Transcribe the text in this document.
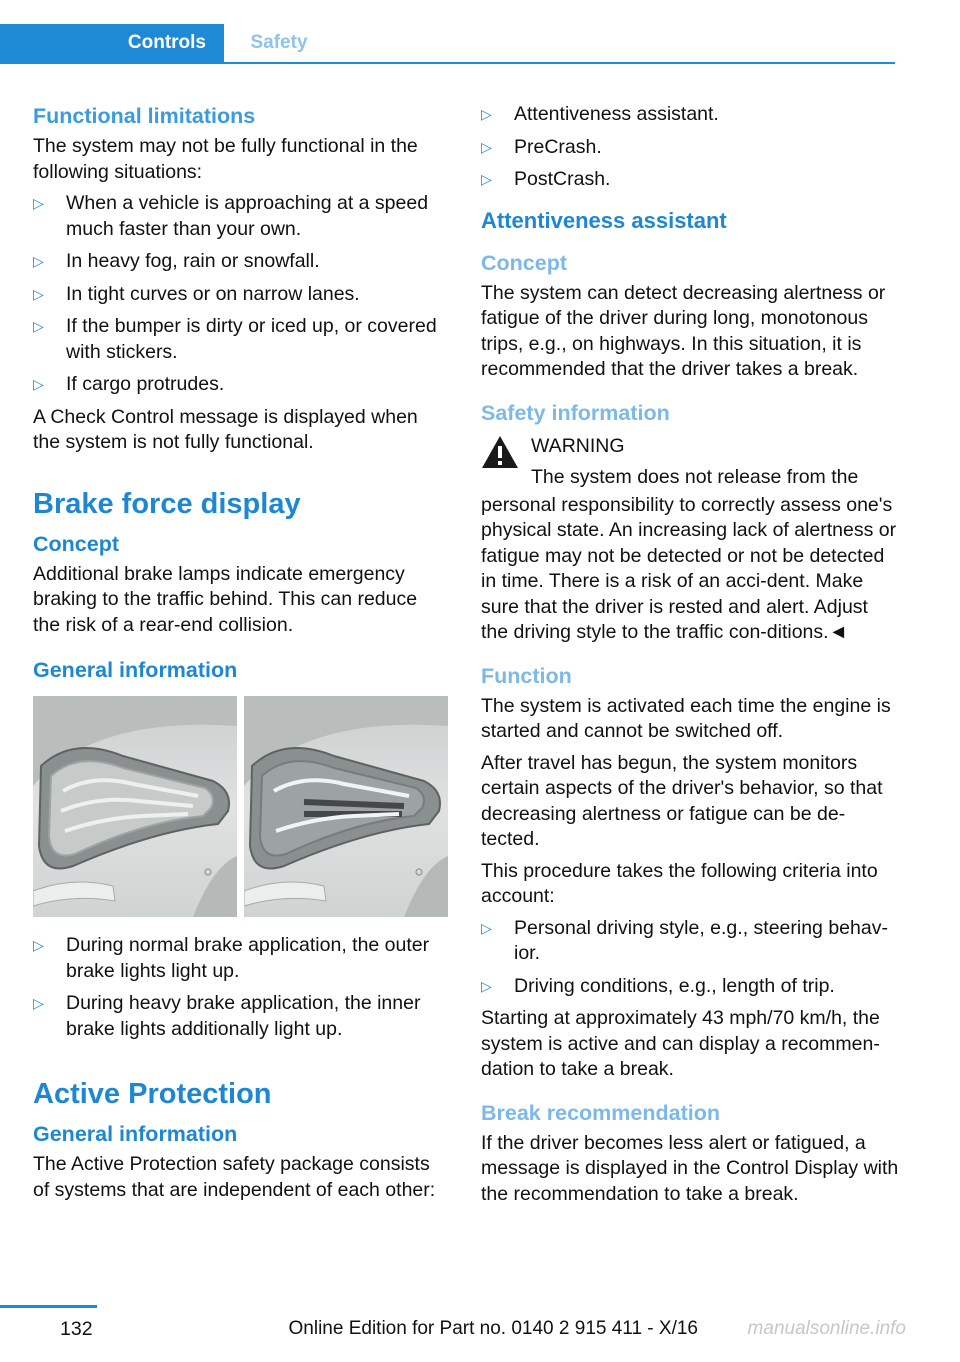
Controls	Safety
Functional limitations

The system may not be fully functional in the following situations:

▷ When a vehicle is approaching at a speed much faster than your own.
▷ In heavy fog, rain or snowfall.
▷ In tight curves or on narrow lanes.
▷ If the bumper is dirty or iced up, or covered with stickers.
▷ If cargo protrudes.

A Check Control message is displayed when the system is not fully functional.

Brake force display
Concept

Additional brake lamps indicate emergency braking to the traffic behind. This can reduce the risk of a rear-end collision.

General information
▷ During normal brake application, the outer brake lights light up.
▷ During heavy brake application, the inner brake lights additionally light up.
Active Protection
General information

The Active Protection safety package consists of systems that are independent of each other:

▷ Attentiveness assistant.
▷ PreCrash.
▷ PostCrash.
Attentiveness assistant
Concept

The system can detect decreasing alertness or fatigue of the driver during long, monotonous trips, e.g., on highways. In this situation, it is recommended that the driver takes a break.

Safety information
WARNING
The system does not release from the

personal responsibility to correctly assess one's physical state. An increasing lack of alertness or fatigue may not be detected or not be detected in time. There is a risk of an acci-dent. Make sure that the driver is rested and alert. Adjust the driving style to the traffic con-ditions.◄

Function

The system is activated each time the engine is started and cannot be switched off.

After travel has begun, the system monitors certain aspects of the driver's behavior, so that decreasing alertness or fatigue can be de-tected.

This procedure takes the following criteria into account:

▷ Personal driving style, e.g., steering behav-ior.
▷ Driving conditions, e.g., length of trip.

Starting at approximately 43 mph/70 km/h, the system is active and can display a recommen-dation to take a break.

Break recommendation

If the driver becomes less alert or fatigued, a message is displayed in the Control Display with the recommendation to take a break.

132	Online Edition for Part no. 0140 2 915 411 - X/16	manualsonline.info
